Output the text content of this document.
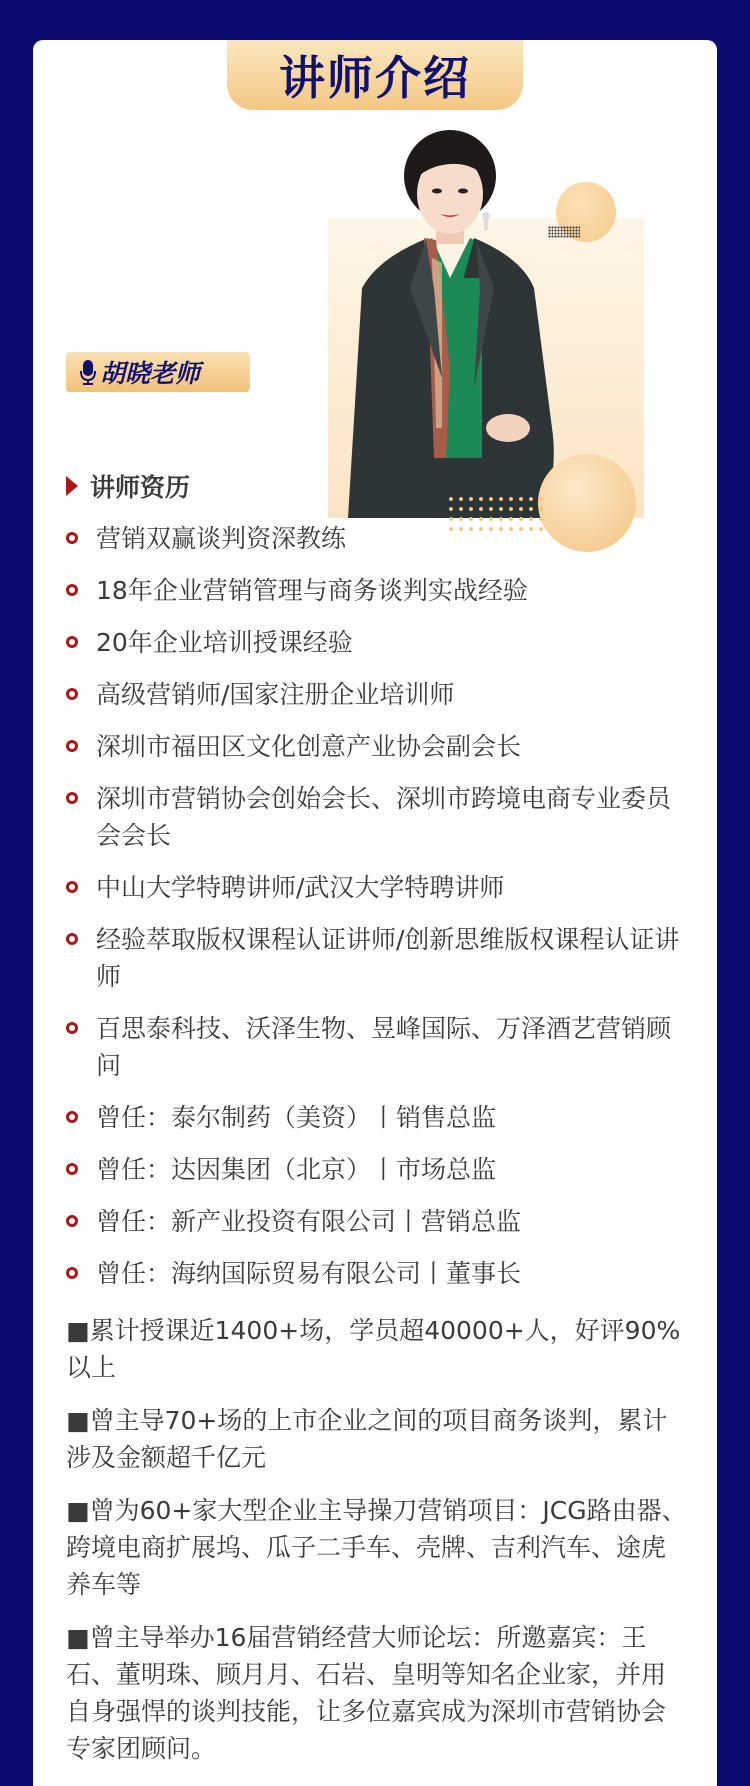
讲师介绍
胡晓老师
讲师资历
营销双赢谈判资深教练
18年企业营销管理与商务谈判实战经验
20年企业培训授课经验
高级营销师/国家注册企业培训师
深圳市福田区文化创意产业协会副会长
深圳市营销协会创始会长、深圳市跨境电商专业委员会会长
中山大学特聘讲师/武汉大学特聘讲师
经验萃取版权课程认证讲师/创新思维版权课程认证讲师
百思泰科技、沃泽生物、昱峰国际、万泽酒艺营销顾问
曾任：泰尔制药（美资）丨销售总监
曾任：达因集团（北京）丨市场总监
曾任：新产业投资有限公司丨营销总监
曾任：海纳国际贸易有限公司丨董事长
■累计授课近1400+场，学员超40000+人，好评90%以上
■曾主导70+场的上市企业之间的项目商务谈判，累计涉及金额超千亿元
■曾为60+家大型企业主导操刀营销项目：JCG路由器、跨境电商扩展坞、瓜子二手车、壳牌、吉利汽车、途虎养车等
■曾主导举办16届营销经营大师论坛：所邀嘉宾：王石、董明珠、顾月月、石岩、皇明等知名企业家，并用自身强悍的谈判技能，让多位嘉宾成为深圳市营销协会专家团顾问。
